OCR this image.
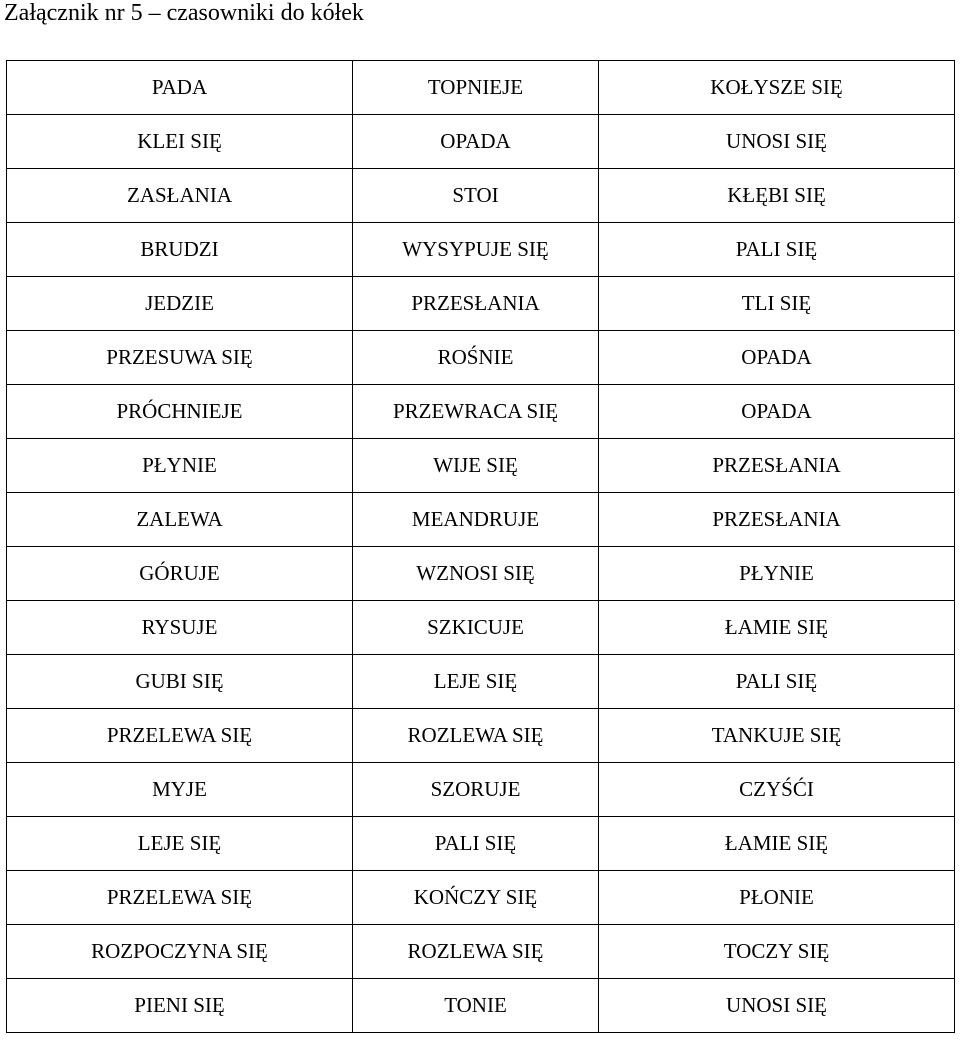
Załącznik nr 5 – czasowniki do kółek
PADA	TOPNIEJE	KOŁYSZE SIĘ
KLEI SIĘ	OPADA	UNOSI SIĘ
ZASŁANIA	STOI	KŁĘBI SIĘ
BRUDZI	WYSYPUJE SIĘ	PALI SIĘ
JEDZIE	PRZESŁANIA	TLI SIĘ
PRZESUWA SIĘ	ROŚNIE	OPADA
PRÓCHNIEJE	PRZEWRACA SIĘ	OPADA
PŁYNIE	WIJE SIĘ	PRZESŁANIA
ZALEWA	MEANDRUJE	PRZESŁANIA
GÓRUJE	WZNOSI SIĘ	PŁYNIE
RYSUJE	SZKICUJE	ŁAMIE SIĘ
GUBI SIĘ	LEJE SIĘ	PALI SIĘ
PRZELEWA SIĘ	ROZLEWA SIĘ	TANKUJE SIĘ
MYJE	SZORUJE	CZYŚĆI
LEJE SIĘ	PALI SIĘ	ŁAMIE SIĘ
PRZELEWA SIĘ	KOŃCZY SIĘ	PŁONIE
ROZPOCZYNA SIĘ	ROZLEWA SIĘ	TOCZY SIĘ
PIENI SIĘ	TONIE	UNOSI SIĘ
